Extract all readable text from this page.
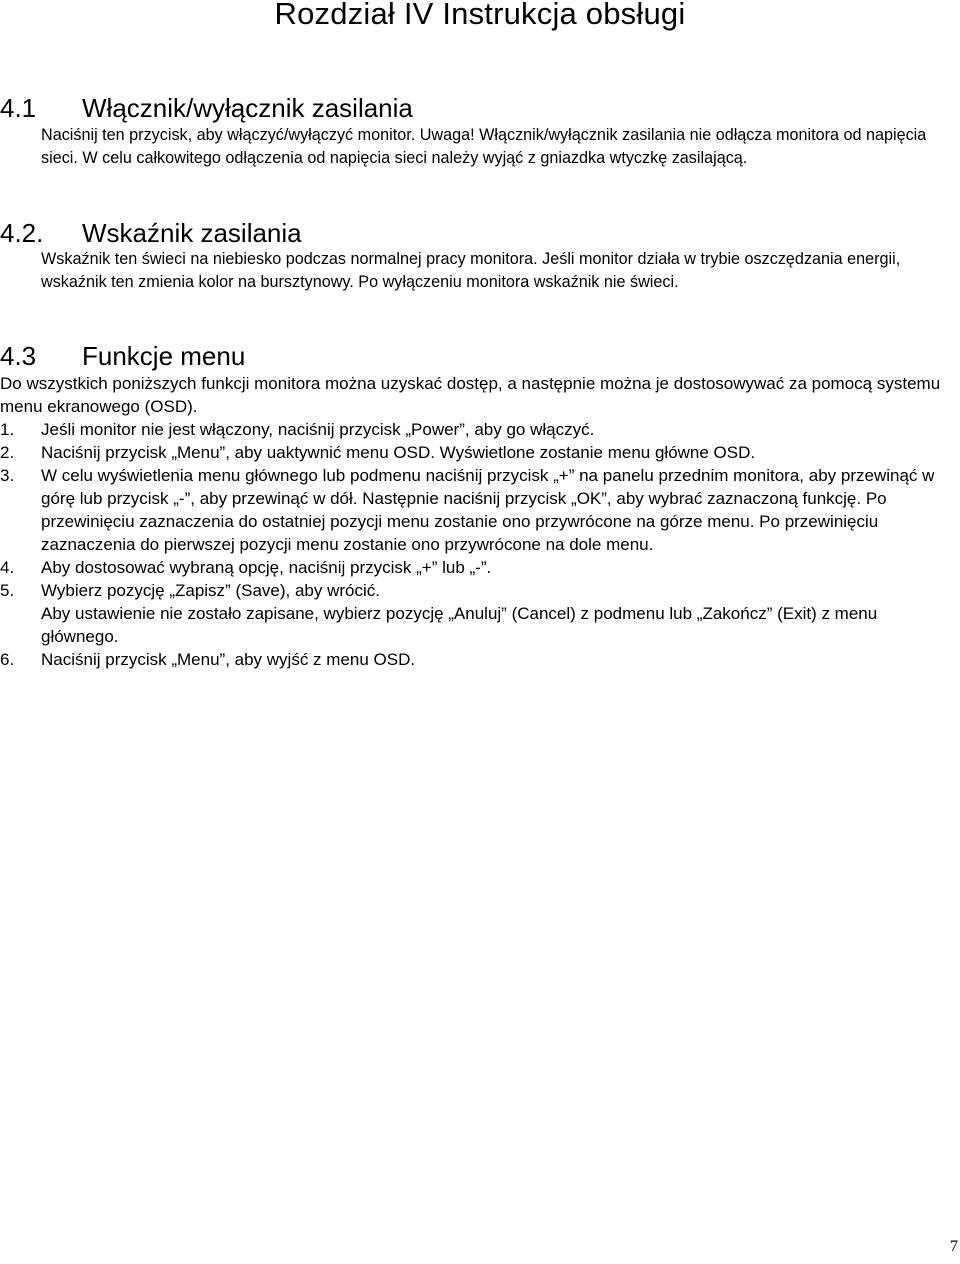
Rozdział IV Instrukcja obsługi
4.1 Włącznik/wyłącznik zasilania

Naciśnij ten przycisk, aby włączyć/wyłączyć monitor. Uwaga! Włącznik/wyłącznik zasilania nie odłącza monitora od napięcia sieci. W celu całkowitego odłączenia od napięcia sieci należy wyjąć z gniazdka wtyczkę zasilającą.

4.2. Wskaźnik zasilania

Wskaźnik ten świeci na niebiesko podczas normalnej pracy monitora. Jeśli monitor działa w trybie oszczędzania energii, wskaźnik ten zmienia kolor na bursztynowy. Po wyłączeniu monitora wskaźnik nie świeci.

4.3 Funkcje menu

Do wszystkich poniższych funkcji monitora można uzyskać dostęp, a następnie można je dostosowywać za pomocą systemu menu ekranowego (OSD).

1. Jeśli monitor nie jest włączony, naciśnij przycisk „Power”, aby go włączyć.
2. Naciśnij przycisk „Menu”, aby uaktywnić menu OSD. Wyświetlone zostanie menu główne OSD.
3. W celu wyświetlenia menu głównego lub podmenu naciśnij przycisk „+” na panelu przednim monitora, aby przewinąć w górę lub przycisk „-”, aby przewinąć w dół. Następnie naciśnij przycisk „OK”, aby wybrać zaznaczoną funkcję. Po przewinięciu zaznaczenia do ostatniej pozycji menu zostanie ono przywrócone na górze menu. Po przewinięciu zaznaczenia do pierwszej pozycji menu zostanie ono przywrócone na dole menu.
4. Aby dostosować wybraną opcję, naciśnij przycisk „+” lub „-”.
5. Wybierz pozycję „Zapisz” (Save), aby wrócić.
Aby ustawienie nie zostało zapisane, wybierz pozycję „Anuluj” (Cancel) z podmenu lub „Zakończ” (Exit) z menu głównego.
6. Naciśnij przycisk „Menu”, aby wyjść z menu OSD.
7
